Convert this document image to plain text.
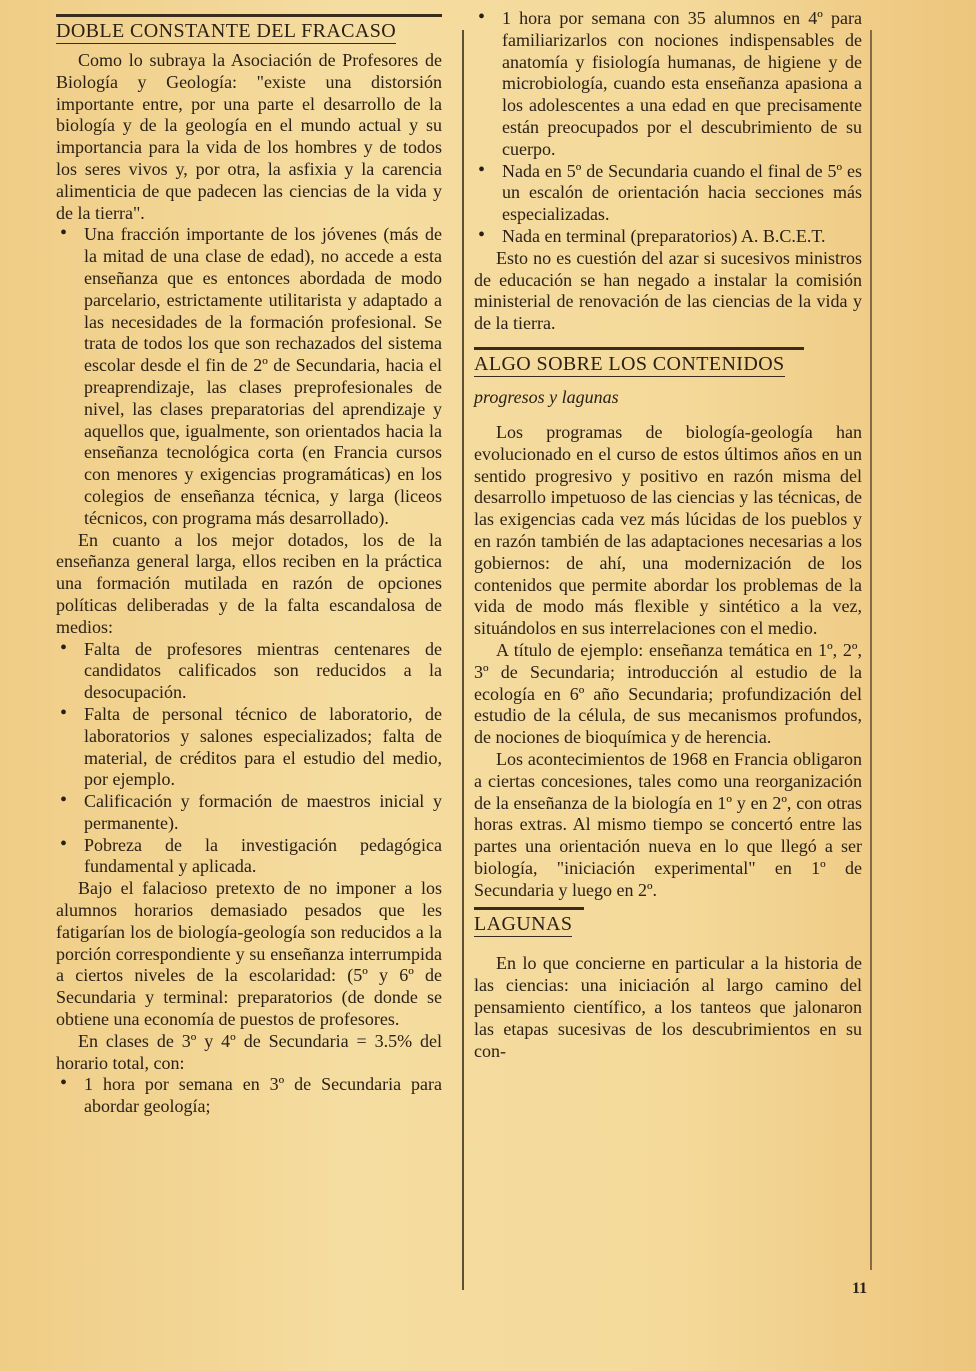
DOBLE CONSTANTE DEL FRACASO

Como lo subraya la Asociación de Profesores de Biología y Geología: "existe una distorsión importante entre, por una parte el desarrollo de la biología y de la geología en el mundo actual y su importancia para la vida de los hombres y de todos los seres vivos y, por otra, la asfixia y la carencia alimenticia de que padecen las ciencias de la vida y de la tierra".

• Una fracción importante de los jóvenes (más de la mitad de una clase de edad), no accede a esta enseñanza que es entonces abordada de modo parcelario, estrictamente utilitarista y adaptado a las necesidades de la formación profesional. Se trata de todos los que son rechazados del sistema escolar desde el fin de 2º de Secundaria, hacia el preaprendizaje, las clases preprofesionales de nivel, las clases preparatorias del aprendizaje y aquellos que, igualmente, son orientados hacia la enseñanza tecnológica corta (en Francia cursos con menores y exigencias programáticas) en los colegios de enseñanza técnica, y larga (liceos técnicos, con programa más desarrollado).

En cuanto a los mejor dotados, los de la enseñanza general larga, ellos reciben en la práctica una formación mutilada en razón de opciones políticas deliberadas y de la falta escandalosa de medios:

• Falta de profesores mientras centenares de candidatos calificados son reducidos a la desocupación.
• Falta de personal técnico de laboratorio, de laboratorios y salones especializados; falta de material, de créditos para el estudio del medio, por ejemplo.
• Calificación y formación de maestros inicial y permanente).
• Pobreza de la investigación pedagógica fundamental y aplicada.

Bajo el falacioso pretexto de no imponer a los alumnos horarios demasiado pesados que les fatigarían los de biología-geología son reducidos a la porción correspondiente y su enseñanza interrumpida a ciertos niveles de la escolaridad: (5º y 6º de Secundaria y terminal: preparatorios (de donde se obtiene una economía de puestos de profesores.

En clases de 3º y 4º de Secundaria = 3.5% del horario total, con:

• 1 hora por semana en 3º de Secundaria para abordar geología;
• 1 hora por semana con 35 alumnos en 4º para familiarizarlos con nociones indispensables de anatomía y fisiología humanas, de higiene y de microbiología, cuando esta enseñanza apasiona a los adolescentes a una edad en que precisamente están preocupados por el descubrimiento de su cuerpo.
• Nada en 5º de Secundaria cuando el final de 5º es un escalón de orientación hacia secciones más especializadas.
• Nada en terminal (preparatorios) A. B.C.E.T.

Esto no es cuestión del azar si sucesivos ministros de educación se han negado a instalar la comisión ministerial de renovación de las ciencias de la vida y de la tierra.

ALGO SOBRE LOS CONTENIDOS
progresos y lagunas

Los programas de biología-geología han evolucionado en el curso de estos últimos años en un sentido progresivo y positivo en razón misma del desarrollo impetuoso de las ciencias y las técnicas, de las exigencias cada vez más lúcidas de los pueblos y en razón también de las adaptaciones necesarias a los gobiernos: de ahí, una modernización de los contenidos que permite abordar los problemas de la vida de modo más flexible y sintético a la vez, situándolos en sus interrelaciones con el medio.

A título de ejemplo: enseñanza temática en 1º, 2º, 3º de Secundaria; introducción al estudio de la ecología en 6º año Secundaria; profundización del estudio de la célula, de sus mecanismos profundos, de nociones de bioquímica y de herencia.

Los acontecimientos de 1968 en Francia obligaron a ciertas concesiones, tales como una reorganización de la enseñanza de la biología en 1º y en 2º, con otras horas extras. Al mismo tiempo se concertó entre las partes una orientación nueva en lo que llegó a ser biología, "iniciación experimental" en 1º de Secundaria y luego en 2º.

LAGUNAS

En lo que concierne en particular a la historia de las ciencias: una iniciación al largo camino del pensamiento científico, a los tanteos que jalonaron las etapas sucesivas de los descubrimientos en su con-

11
